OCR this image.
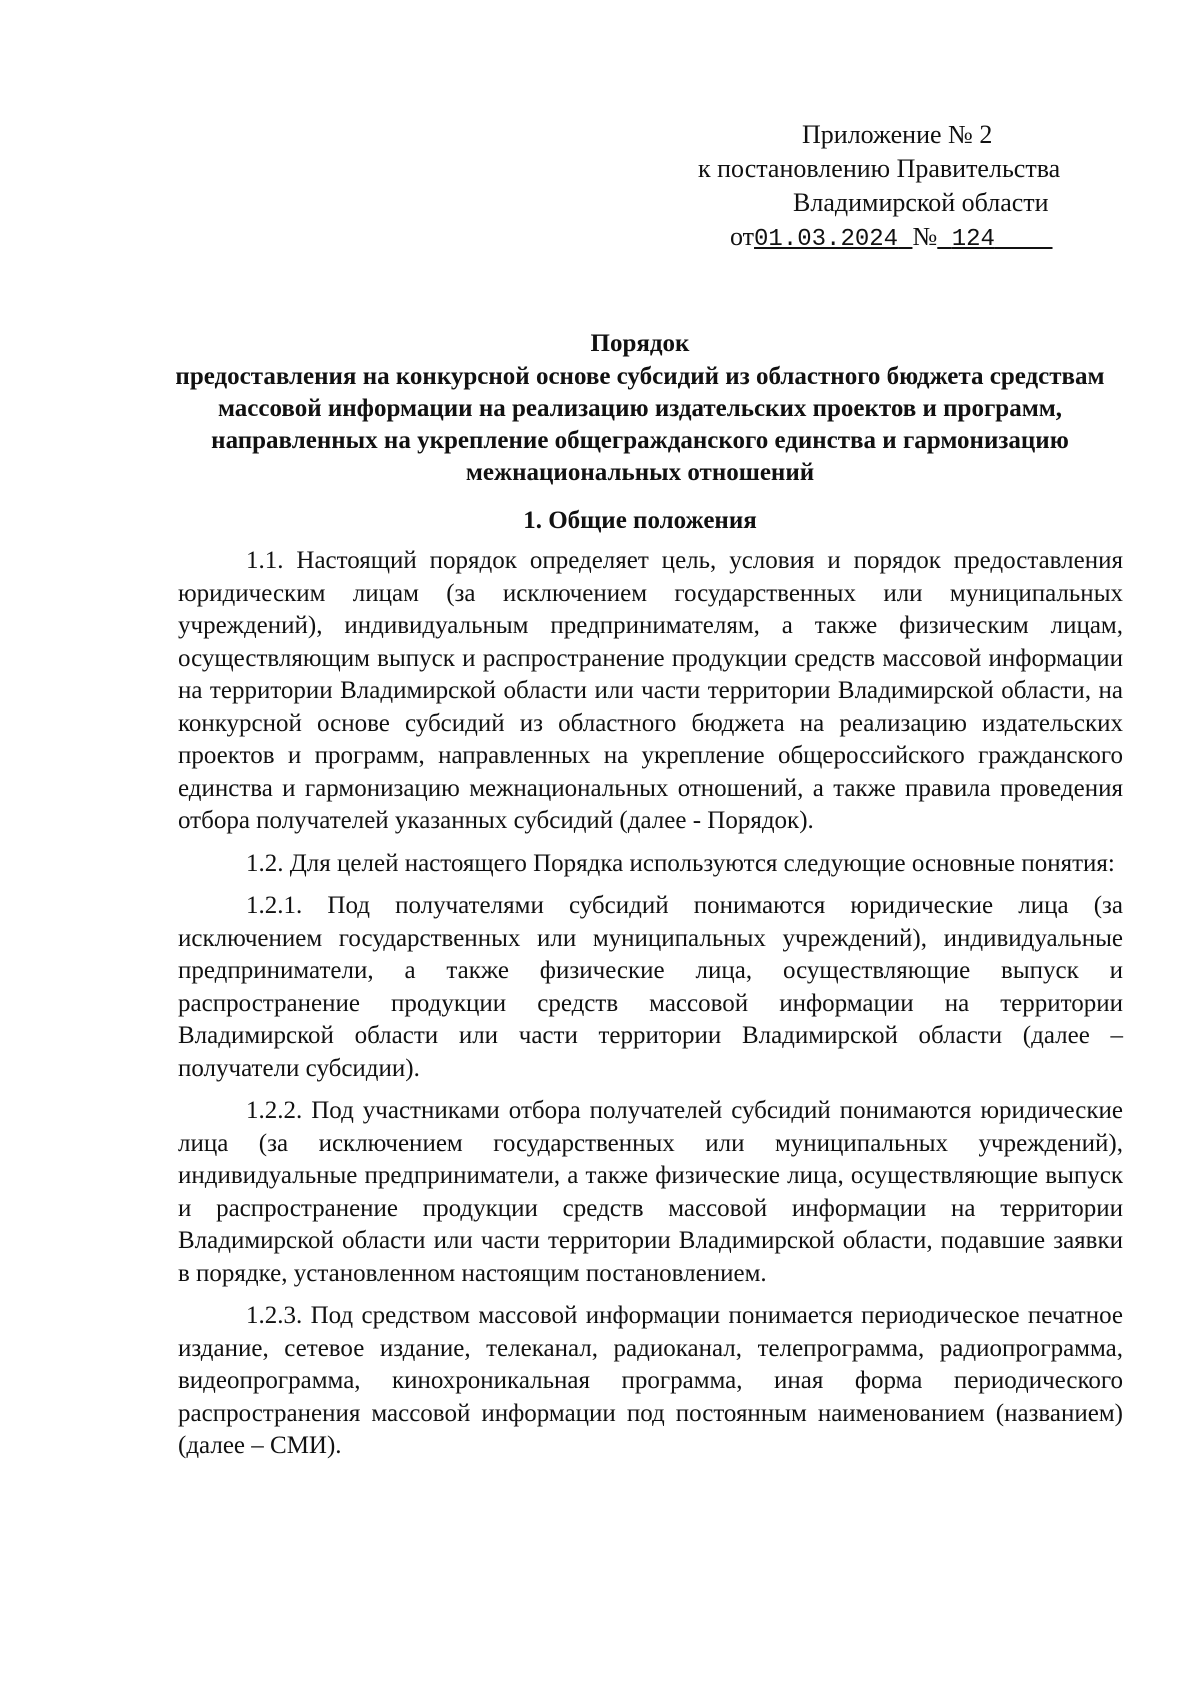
Приложение № 2
к постановлению Правительства
Владимирской области
от01.03.2024 № 124
Порядок
предоставления на конкурсной основе субсидий из областного бюджета средствам массовой информации на реализацию издательских проектов и программ, направленных на укрепление общегражданского единства и гармонизацию межнациональных отношений
1. Общие положения

1.1. Настоящий порядок определяет цель, условия и порядок предоставления юридическим лицам (за исключением государственных или муниципальных учреждений), индивидуальным предпринимателям, а также физическим лицам, осуществляющим выпуск и распространение продукции средств массовой информации на территории Владимирской области или части территории Владимирской области, на конкурсной основе субсидий из областного бюджета на реализацию издательских проектов и программ, направленных на укрепление общероссийского гражданского единства и гармонизацию межнациональных отношений, а также правила проведения отбора получателей указанных субсидий (далее - Порядок).

1.2. Для целей настоящего Порядка используются следующие основные понятия:

1.2.1. Под получателями субсидий понимаются юридические лица (за исключением государственных или муниципальных учреждений), индивидуальные предприниматели, а также физические лица, осуществляющие выпуск и распространение продукции средств массовой информации на территории Владимирской области или части территории Владимирской области (далее – получатели субсидии).

1.2.2. Под участниками отбора получателей субсидий понимаются юридические лица (за исключением государственных или муниципальных учреждений), индивидуальные предприниматели, а также физические лица, осуществляющие выпуск и распространение продукции средств массовой информации на территории Владимирской области или части территории Владимирской области, подавшие заявки в порядке, установленном настоящим постановлением.

1.2.3. Под средством массовой информации понимается периодическое печатное издание, сетевое издание, телеканал, радиоканал, телепрограмма, радиопрограмма, видеопрограмма, кинохроникальная программа, иная форма периодического распространения массовой информации под постоянным наименованием (названием) (далее – СМИ).
